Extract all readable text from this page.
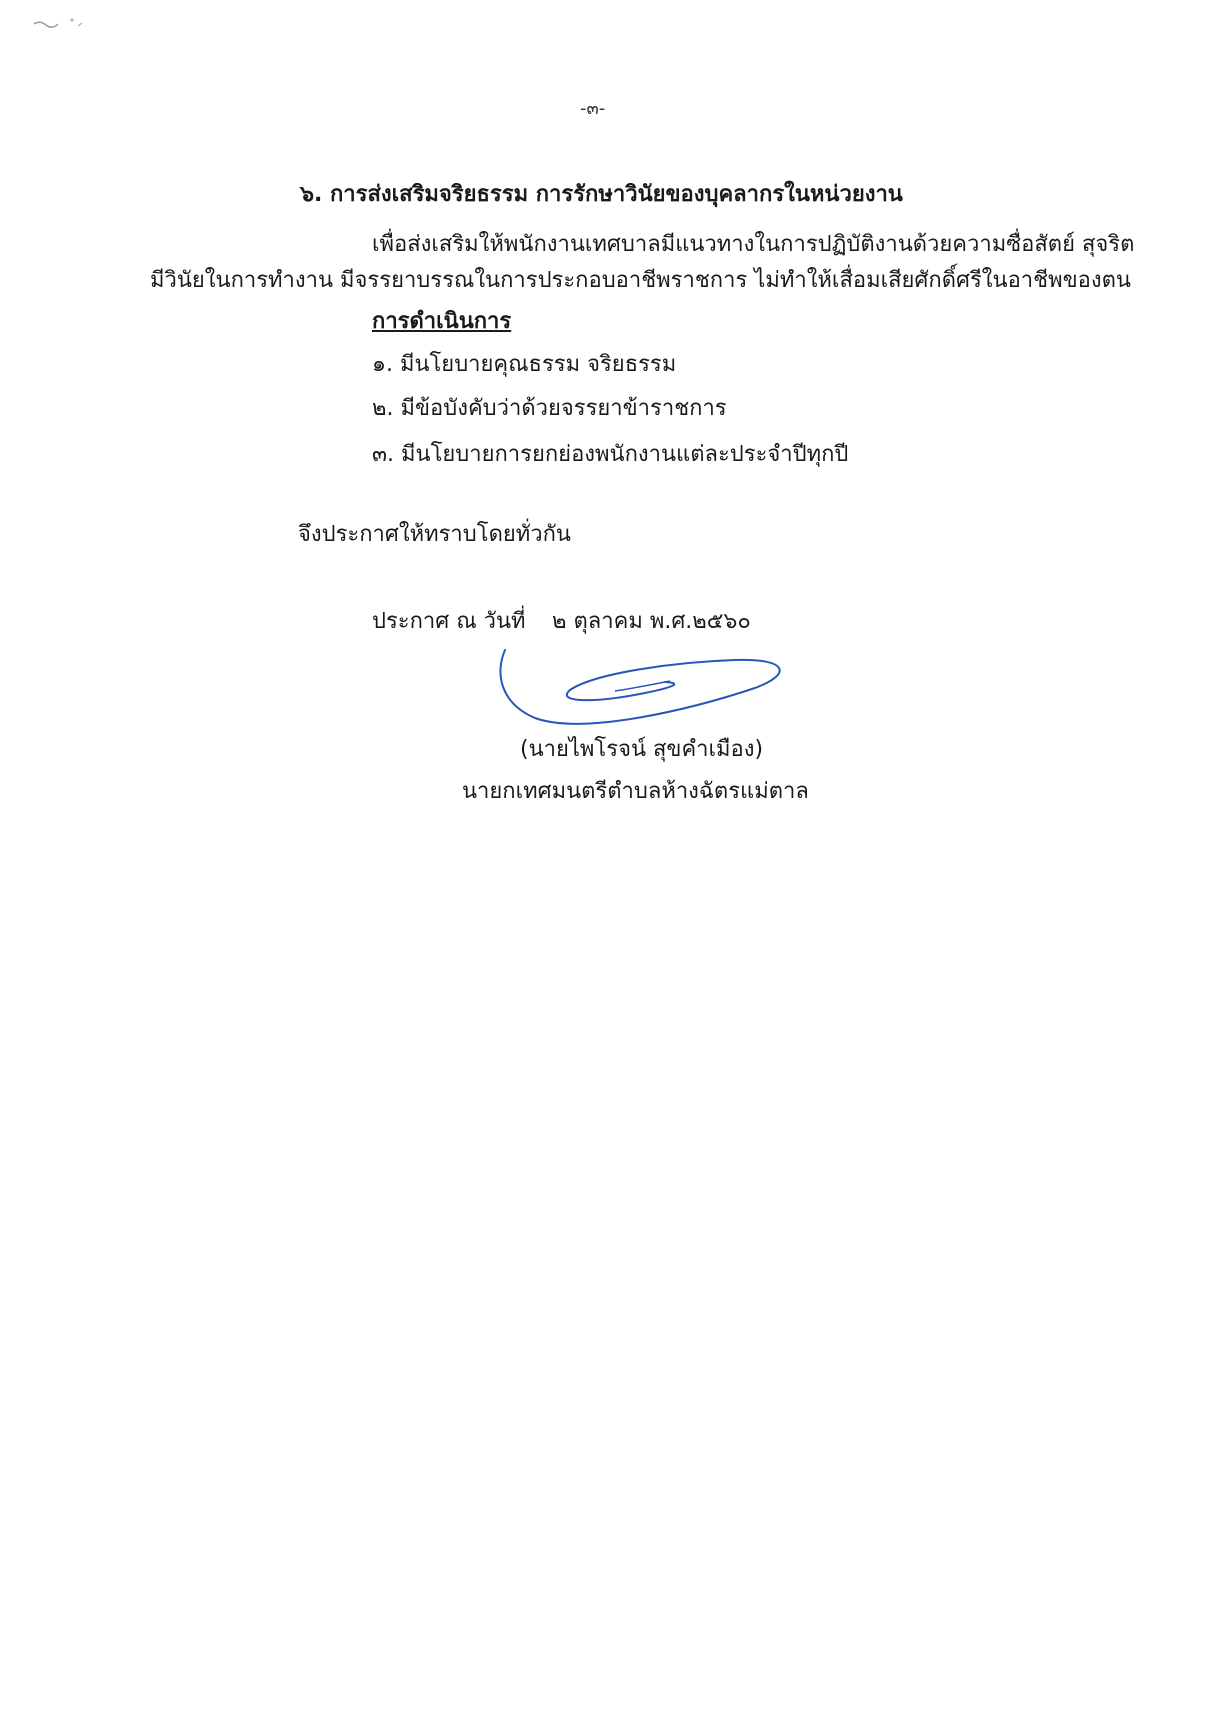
-๓-
๖. การส่งเสริมจริยธรรม การรักษาวินัยของบุคลากรในหน่วยงาน
เพื่อส่งเสริมให้พนักงานเทศบาลมีแนวทางในการปฏิบัติงานด้วยความซื่อสัตย์ สุจริต
มีวินัยในการทำงาน มีจรรยาบรรณในการประกอบอาชีพราชการ ไม่ทำให้เสื่อมเสียศักดิ์ศรีในอาชีพของตน
การดำเนินการ
๑. มีนโยบายคุณธรรม จริยธรรม
๒. มีข้อบังคับว่าด้วยจรรยาข้าราชการ
๓. มีนโยบายการยกย่องพนักงานแต่ละประจำปีทุกปี
จึงประกาศให้ทราบโดยทั่วกัน
ประกาศ ณ วันที่ ๒ ตุลาคม พ.ศ.๒๕๖๐
(นายไพโรจน์ สุขคำเมือง)
นายกเทศมนตรีตำบลห้างฉัตรแม่ตาล
